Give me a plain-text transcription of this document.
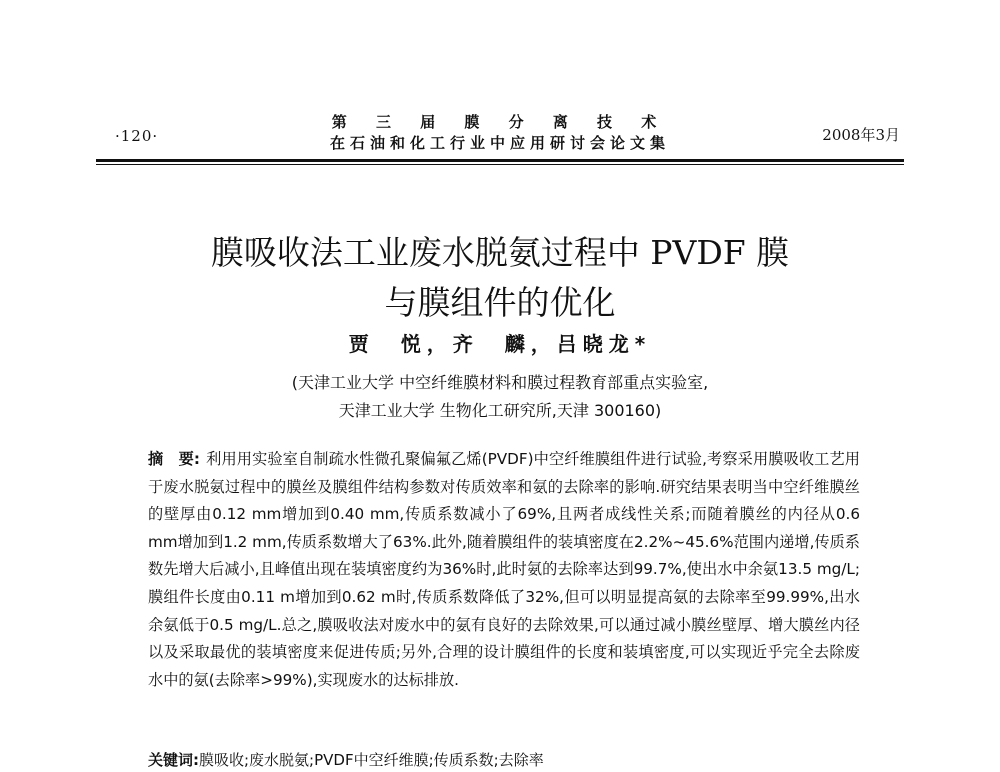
·120·
第 三 届 膜 分 离 技 术
在石油和化工行业中应用研讨会论文集	2008年3月
膜吸收法工业废水脱氨过程中 PVDF 膜
与膜组件的优化
贾　悦，齐　麟，吕晓龙*
(天津工业大学 中空纤维膜材料和膜过程教育部重点实验室,
天津工业大学 生物化工研究所,天津 300160)
摘　要: 利用用实验室自制疏水性微孔聚偏氟乙烯(PVDF)中空纤维膜组件进行试验,考察采用膜吸收工艺用于废水脱氨过程中的膜丝及膜组件结构参数对传质效率和氨的去除率的影响.研究结果表明当中空纤维膜丝的壁厚由0.12 mm增加到0.40 mm,传质系数减小了69%,且两者成线性关系;而随着膜丝的内径从0.6 mm增加到1.2 mm,传质系数增大了63%.此外,随着膜组件的装填密度在2.2%~45.6%范围内递增,传质系数先增大后减小,且峰值出现在装填密度约为36%时,此时氨的去除率达到99.7%,使出水中余氨13.5 mg/L;膜组件长度由0.11 m增加到0.62 m时,传质系数降低了32%,但可以明显提高氨的去除率至99.99%,出水余氨低于0.5 mg/L.总之,膜吸收法对废水中的氨有良好的去除效果,可以通过减小膜丝壁厚、增大膜丝内径以及采取最优的装填密度来促进传质;另外,合理的设计膜组件的长度和装填密度,可以实现近乎完全去除废水中的氨(去除率>99%),实现废水的达标排放.
关键词:膜吸收;废水脱氨;PVDF中空纤维膜;传质系数;去除率
